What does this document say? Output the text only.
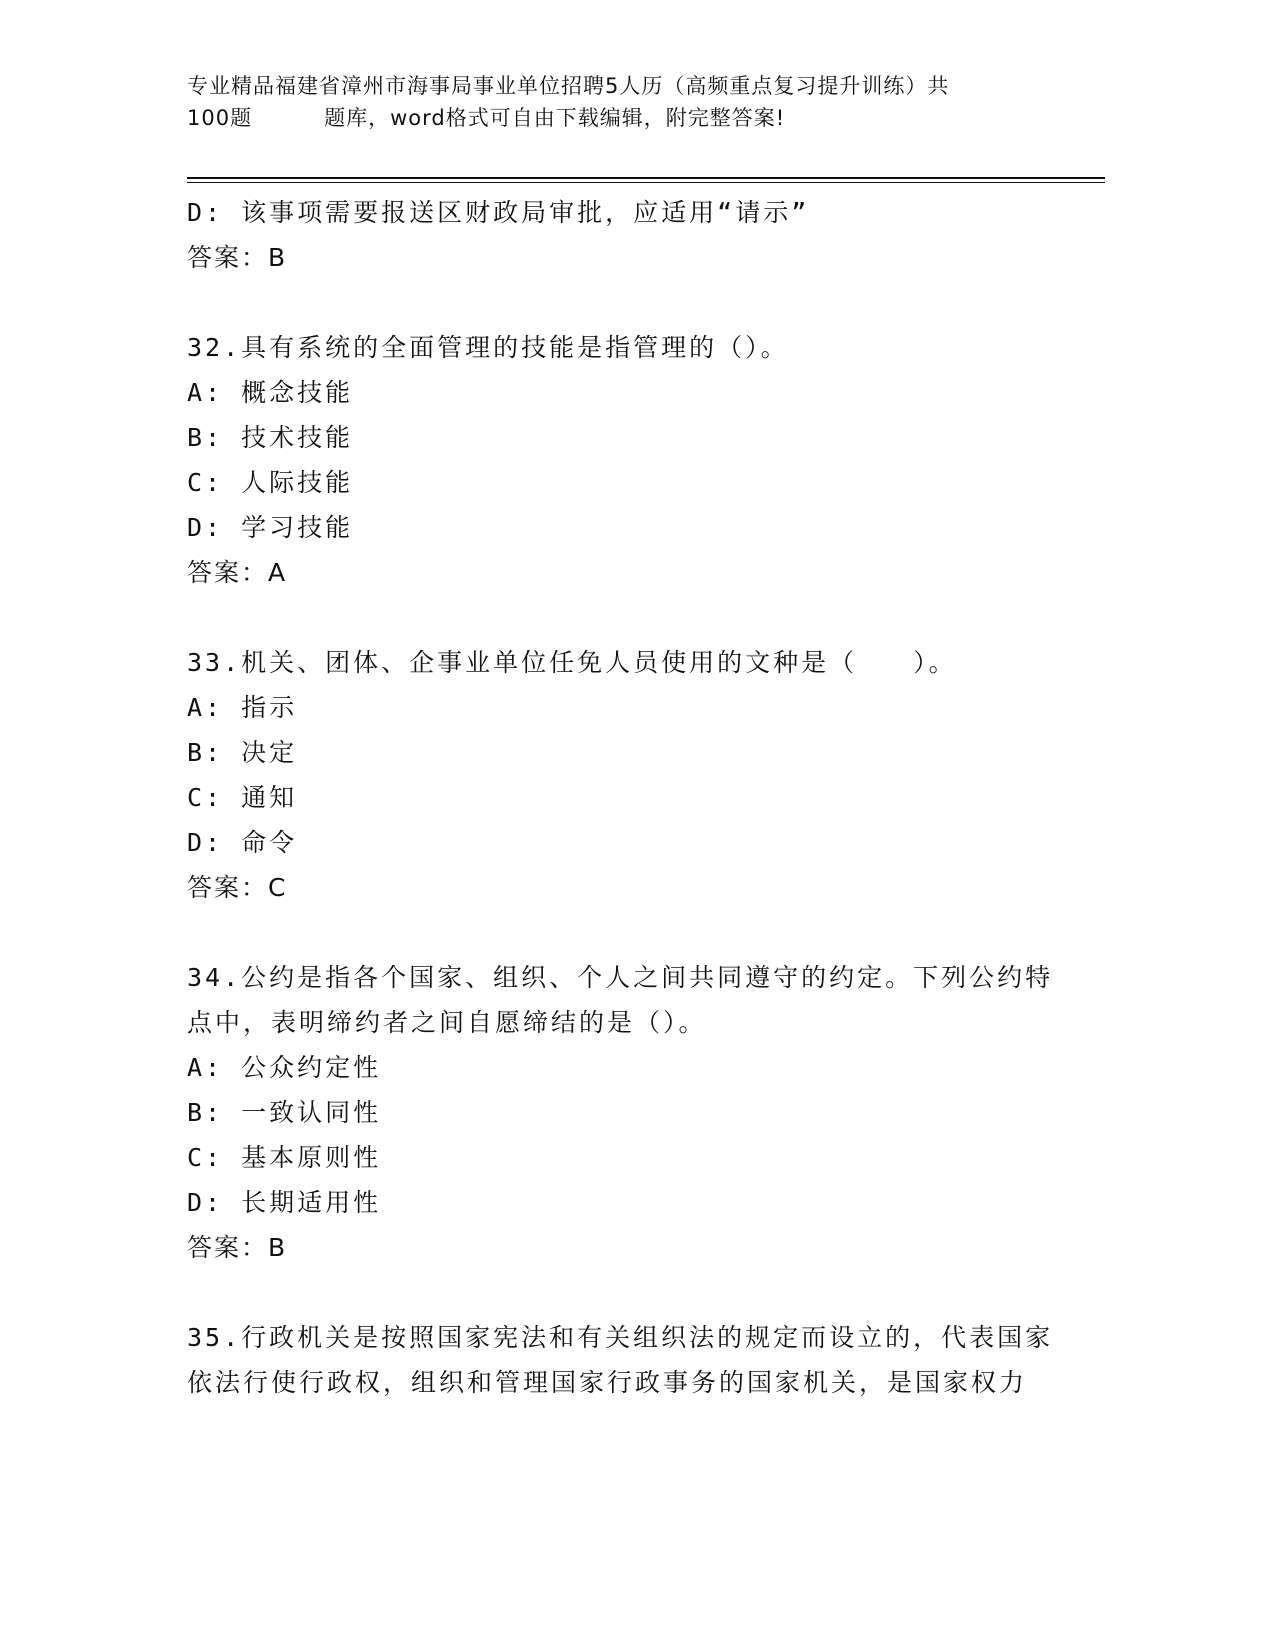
专业精品福建省漳州市海事局事业单位招聘5人历（高频重点复习提升训练）共
100题	题库，word格式可自由下载编辑，附完整答案!
D: 该事项需要报送区财政局审批，应适用“请示”
答案：B
32.具有系统的全面管理的技能是指管理的（）。
A: 概念技能
B: 技术技能
C: 人际技能
D: 学习技能
答案：A
33.机关、团体、企事业单位任免人员使用的文种是（　　）。
A: 指示
B: 决定
C: 通知
D: 命令
答案：C
34.公约是指各个国家、组织、个人之间共同遵守的约定。下列公约特
点中，表明缔约者之间自愿缔结的是（）。
A: 公众约定性
B: 一致认同性
C: 基本原则性
D: 长期适用性
答案：B
35.行政机关是按照国家宪法和有关组织法的规定而设立的，代表国家
依法行使行政权，组织和管理国家行政事务的国家机关，是国家权力
